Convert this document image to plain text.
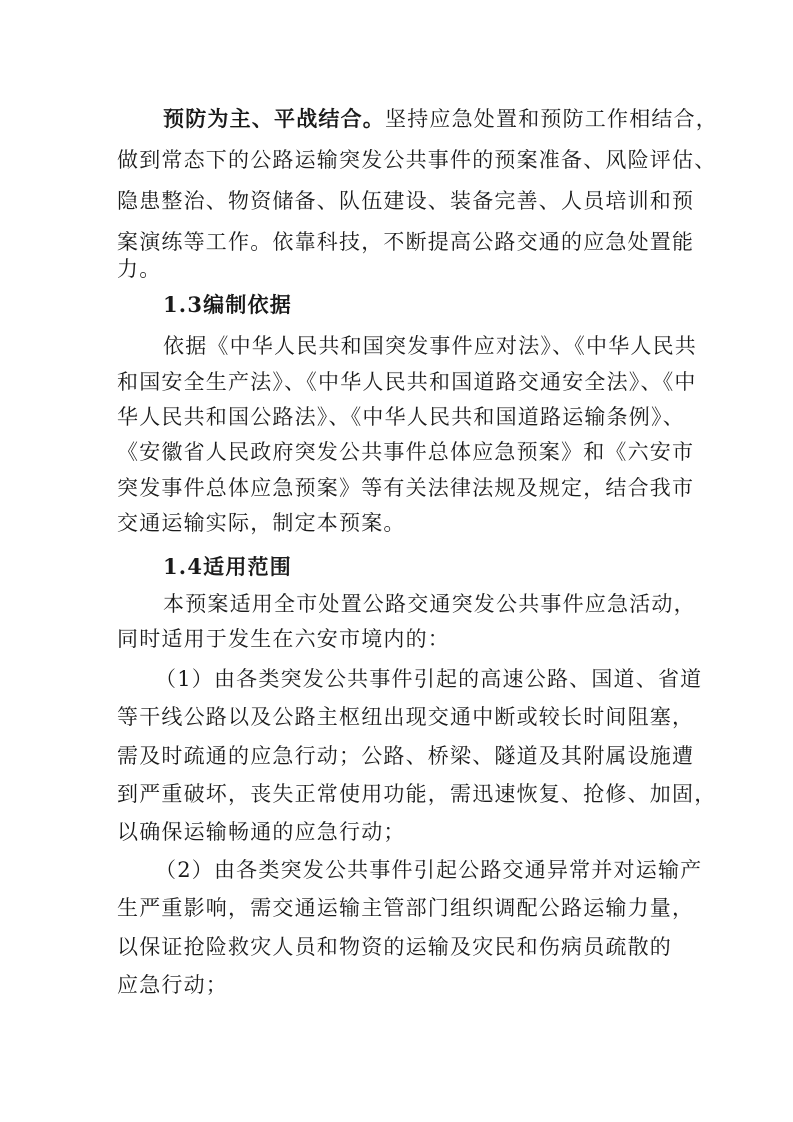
预防为主、平战结合。坚持应急处置和预防工作相结合，
做到常态下的公路运输突发公共事件的预案准备、风险评估、
隐患整治、物资储备、队伍建设、装备完善、人员培训和预
案演练等工作。依靠科技，不断提高公路交通的应急处置能
力。
1.3编制依据
依据《中华人民共和国突发事件应对法》、《中华人民共
和国安全生产法》、《中华人民共和国道路交通安全法》、《中
华人民共和国公路法》、《中华人民共和国道路运输条例》、
《安徽省人民政府突发公共事件总体应急预案》和《六安市
突发事件总体应急预案》等有关法律法规及规定，结合我市
交通运输实际，制定本预案。
1.4适用范围
本预案适用全市处置公路交通突发公共事件应急活动，
同时适用于发生在六安市境内的：
（1）由各类突发公共事件引起的高速公路、国道、省道
等干线公路以及公路主枢纽出现交通中断或较长时间阻塞，
需及时疏通的应急行动；公路、桥梁、隧道及其附属设施遭
到严重破坏，丧失正常使用功能，需迅速恢复、抢修、加固，
以确保运输畅通的应急行动；
（2）由各类突发公共事件引起公路交通异常并对运输产
生严重影响，需交通运输主管部门组织调配公路运输力量，
以保证抢险救灾人员和物资的运输及灾民和伤病员疏散的
应急行动；
